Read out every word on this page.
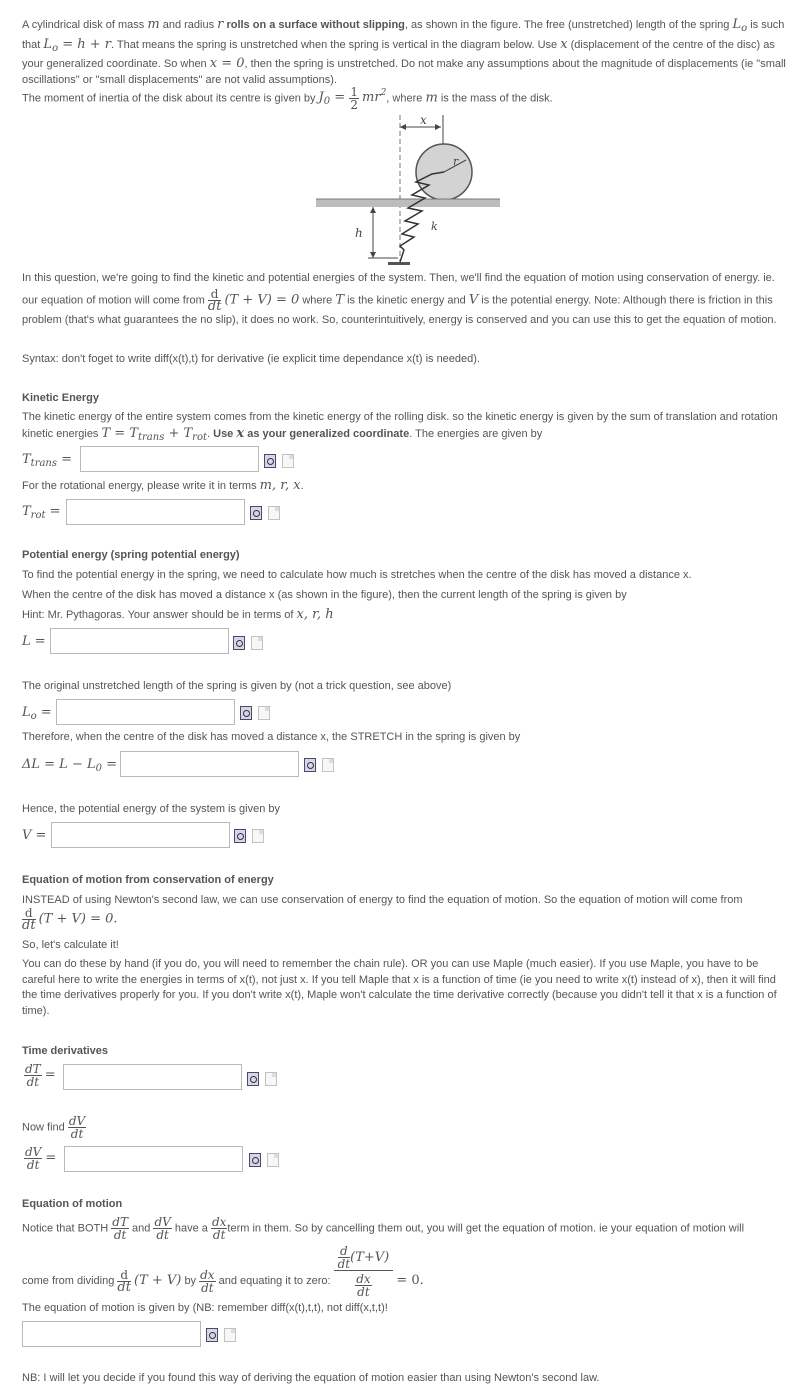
A cylindrical disk of mass m and radius r rolls on a surface without slipping, as shown in the figure. The free (unstretched) length of the spring $L_o$ is such that $L_o = h + r$. That means the spring is unstretched when the spring is vertical in the diagram below. Use x (displacement of the centre of the disc) as your generalized coordinate. So when x = 0, then the spring is unstretched. Do not make any assumptions about the magnitude of displacements (ie "small oscillations" or "small displacements" are not valid assumptions).

The moment of inertia of the disk about its centre is given by $J_0 = \frac{1}{2} mr^2$, where m is the mass of the disk.

x
r
h	k

In this question, we're going to find the kinetic and potential energies of the system. Then, we'll find the equation of motion using conservation of energy. ie.

our equation of motion will come from $\frac{d}{dt} (T + V) = 0$ where T is the kinetic energy and V is the potential energy. Note: Although there is friction in this

problem (that's what guarantees the no slip), it does no work. So, counterintuitively, energy is conserved and you can use this to get the equation of motion.

Syntax: don't foget to write diff(x(t),t) for derivative (ie explicit time dependance x(t) is needed).

Kinetic Energy

The kinetic energy of the entire system comes from the kinetic energy of the rolling disk. so the kinetic energy is given by the sum of translation and rotation
kinetic energies $T = T_{trans} + T_{rot}$. Use x as your generalized coordinate. The energies are given by

$T_{trans}$ =

For the rotational energy, please write it in terms m, r, x.

$T_{rot}$ =
Potential energy (spring potential energy)

To find the potential energy in the spring, we need to calculate how much is stretches when the centre of the disk has moved a distance x.

When the centre of the disk has moved a distance x (as shown in the figure), then the current length of the spring is given by

Hint: Mr. Pythagoras. Your answer should be in terms of x, r, h

L =

The original unstretched length of the spring is given by (not a trick question, see above)

$L_o$ =

Therefore, when the centre of the disk has moved a distance x, the STRETCH in the spring is given by

$\Delta L = L - L_0$ =

Hence, the potential energy of the system is given by

V =
Equation of motion from conservation of energy

INSTEAD of using Newton's second law, we can use conservation of energy to find the equation of motion. So the equation of motion will come from

$\frac{d}{dt} (T + V) = 0$.

So, let's calculate it!

You can do these by hand (if you do, you will need to remember the chain rule). OR you can use Maple (much easier). If you use Maple, you have to be careful here to write the energies in terms of x(t), not just x. If you tell Maple that x is a function of time (ie you need to write x(t) instead of x), then it will find the time derivatives properly for you. If you don't write x(t), Maple won't calculate the time derivative correctly (because you didn't tell it that x is a function of time).

Time derivatives
$\frac{dT}{dt}$ =
Now find $\frac{dV}{dt}$
$\frac{dV}{dt}$ =
Equation of motion

Notice that BOTH $\frac{dT}{dt}$ and $\frac{dV}{dt}$ have a $\frac{dx}{dt}$ term in them. So by cancelling them out, you will get the equation of motion. ie your equation of motion will

come from dividing $\frac{d}{dt} (T + V)$ by $\frac{dx}{dt}$ and equating it to zero: $\frac{\frac{d}{dt} (T+V)}{\frac{dx}{dt}} = 0$.

The equation of motion is given by (NB: remember diff(x(t),t,t), not diff(x,t,t)!

NB: I will let you decide if you found this way of deriving the equation of motion easier than using Newton's second law.
